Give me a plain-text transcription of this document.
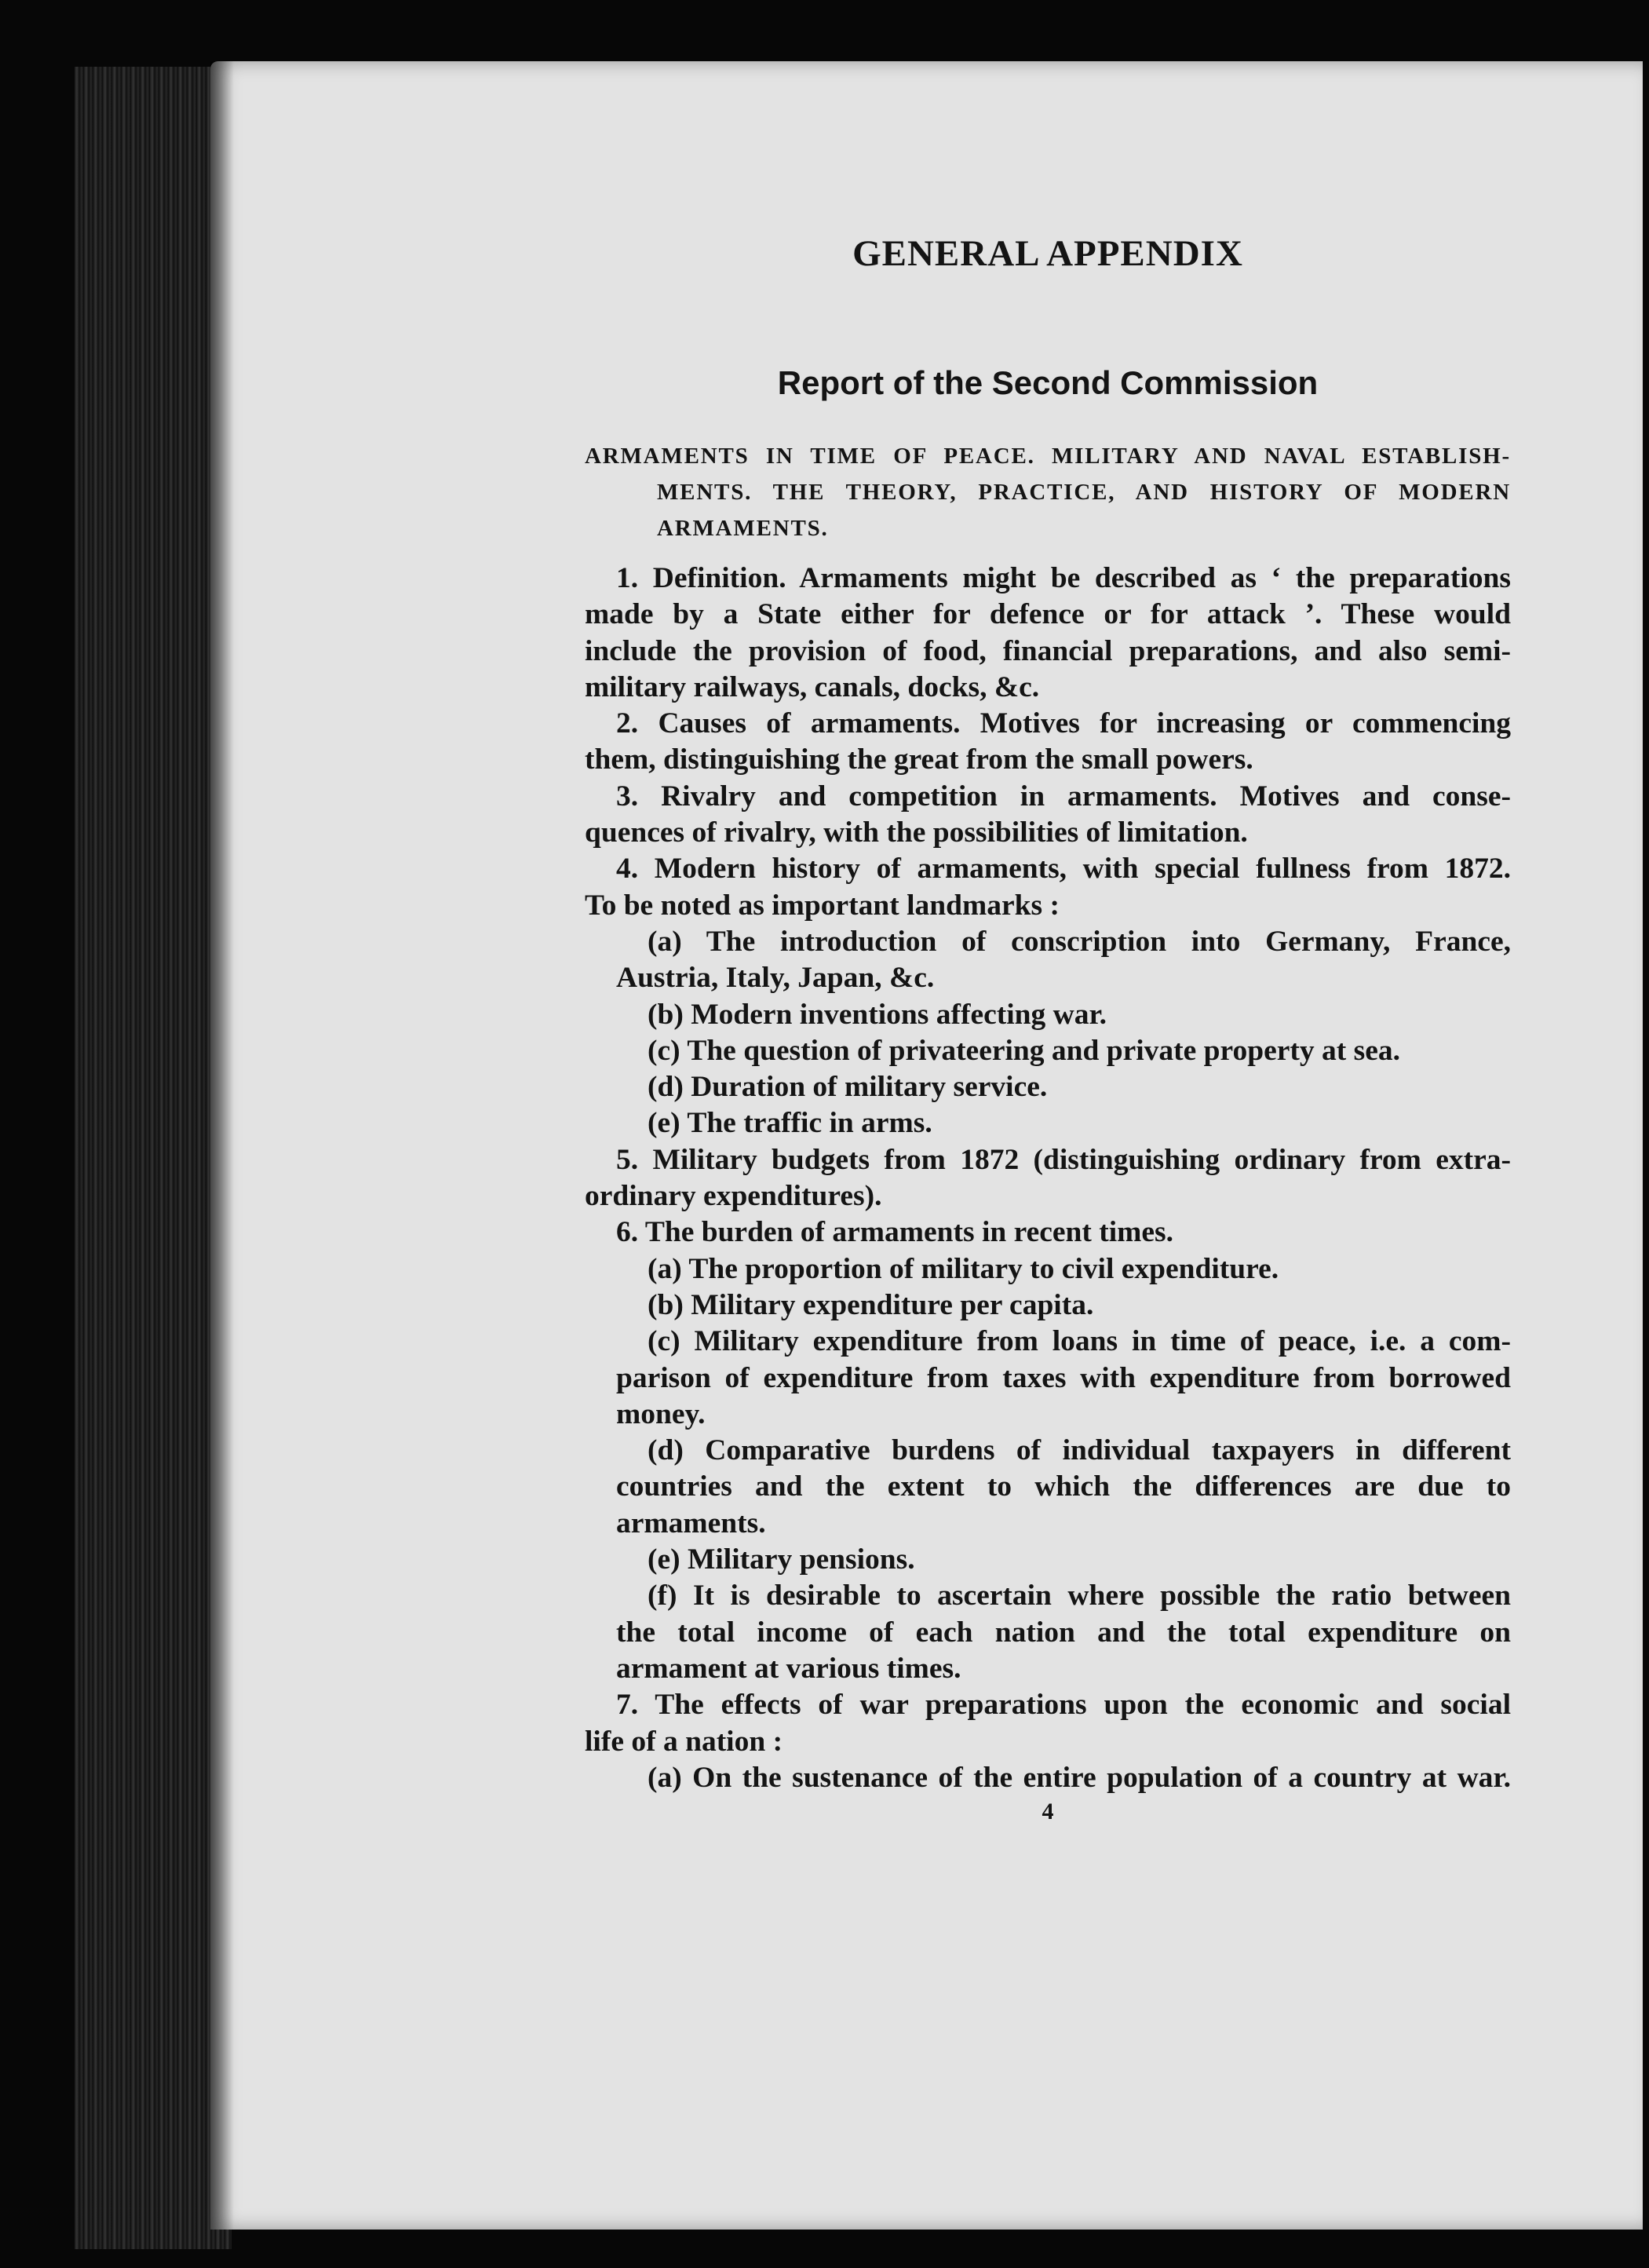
GENERAL APPENDIX
Report of the Second Commission
ARMAMENTS IN TIME OF PEACE. MILITARY AND NAVAL ESTABLISH-
MENTS. THE THEORY, PRACTICE, AND HISTORY OF MODERN
ARMAMENTS.
1. Definition. Armaments might be described as ‘ the preparations
made by a State either for defence or for attack ’. These would
include the provision of food, financial preparations, and also semi-
military railways, canals, docks, &c.
2. Causes of armaments. Motives for increasing or commencing
them, distinguishing the great from the small powers.
3. Rivalry and competition in armaments. Motives and conse-
quences of rivalry, with the possibilities of limitation.
4. Modern history of armaments, with special fullness from 1872.
To be noted as important landmarks :
(a) The introduction of conscription into Germany, France,
Austria, Italy, Japan, &c.
(b) Modern inventions affecting war.
(c) The question of privateering and private property at sea.
(d) Duration of military service.
(e) The traffic in arms.
5. Military budgets from 1872 (distinguishing ordinary from extra-
ordinary expenditures).
6. The burden of armaments in recent times.
(a) The proportion of military to civil expenditure.
(b) Military expenditure per capita.
(c) Military expenditure from loans in time of peace, i.e. a com-
parison of expenditure from taxes with expenditure from borrowed
money.
(d) Comparative burdens of individual taxpayers in different
countries and the extent to which the differences are due to
armaments.
(e) Military pensions.
(f) It is desirable to ascertain where possible the ratio between
the total income of each nation and the total expenditure on
armament at various times.
7. The effects of war preparations upon the economic and social
life of a nation :
(a) On the sustenance of the entire population of a country at war.
4
